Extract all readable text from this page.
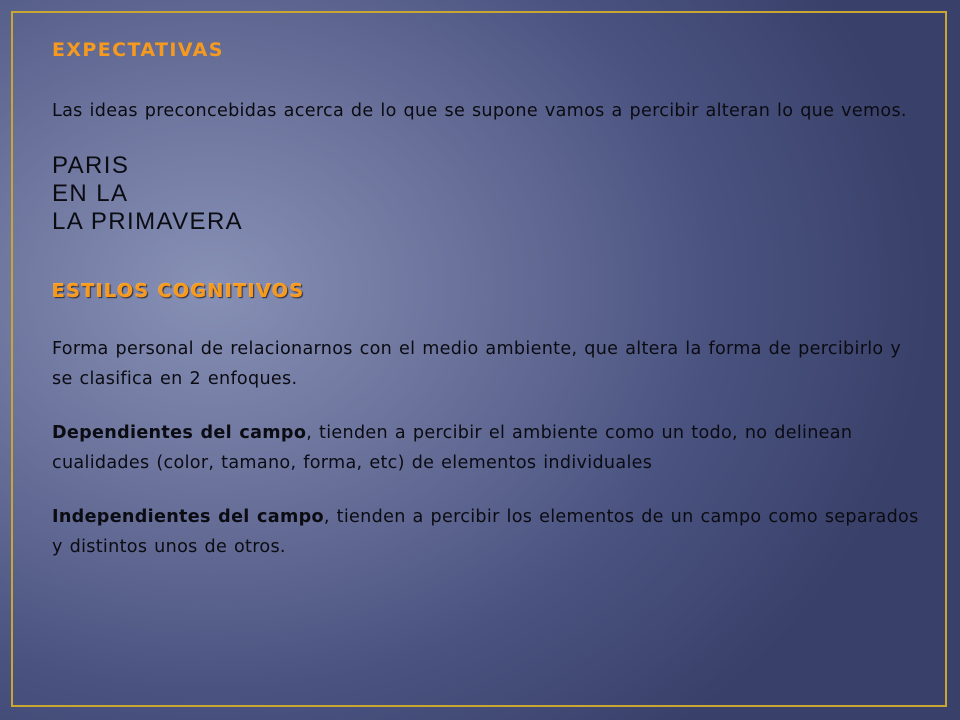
EXPECTATIVAS

Las ideas preconcebidas acerca de lo que se supone vamos a percibir alteran lo que vemos.

PARIS

EN LA

LA PRIMAVERA

ESTILOS COGNITIVOS

Forma personal de relacionarnos con el medio ambiente, que altera la forma de percibirlo y se clasifica en 2 enfoques.

Dependientes del campo, tienden a percibir el ambiente como un todo, no delinean cualidades (color, tamano, forma, etc) de elementos individuales

Independientes del campo, tienden a percibir los elementos de un campo como separados y distintos unos de otros.
